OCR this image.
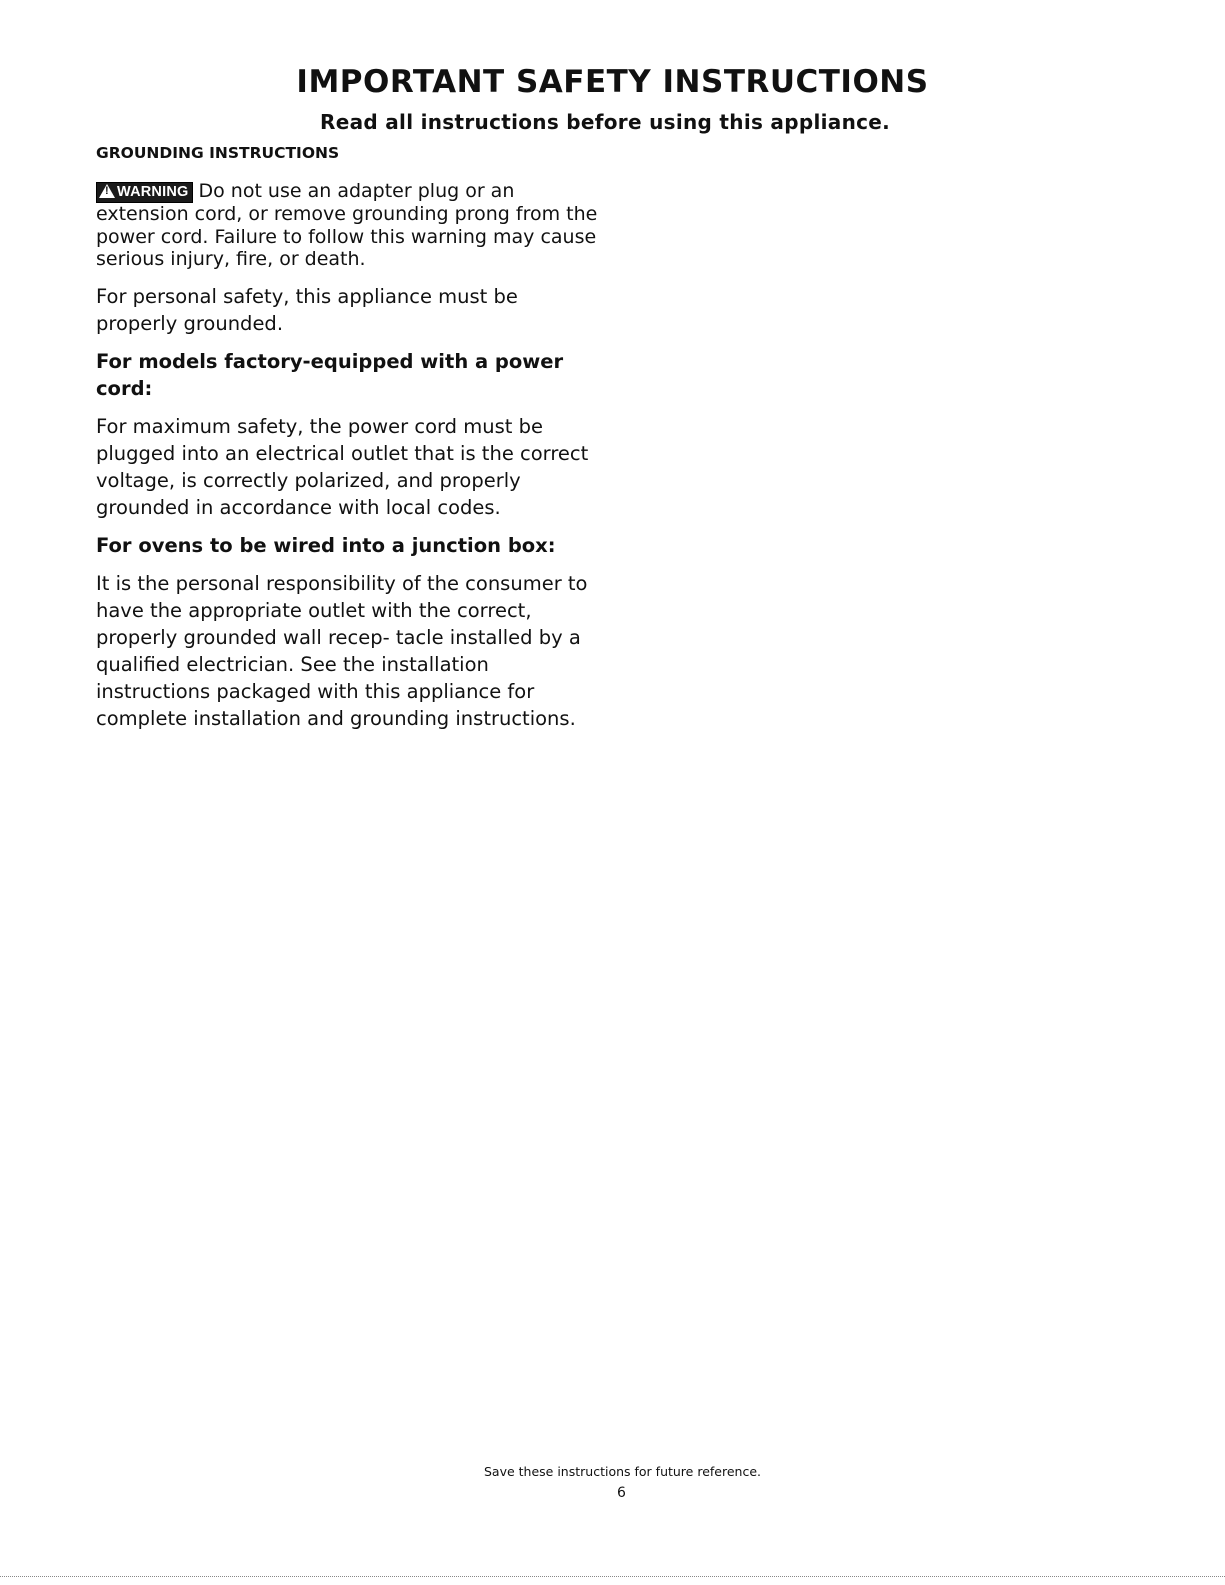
IMPORTANT SAFETY INSTRUCTIONS
Read all instructions before using this appliance.
GROUNDING INSTRUCTIONS

!WARNING Do not use an adapter plug or an extension cord, or remove grounding prong from the power cord. Failure to follow this warning may cause serious injury, fire, or death.

For personal safety, this appliance must be properly grounded.

For models factory-equipped with a power cord:

For maximum safety, the power cord must be plugged into an electrical outlet that is the correct voltage, is correctly polarized, and properly grounded in accordance with local codes.

For ovens to be wired into a junction box:

It is the personal responsibility of the consumer to have the appropriate outlet with the correct, properly grounded wall recep- tacle installed by a qualified electrician. See the installation instructions packaged with this appliance for complete installation and grounding instructions.

Save these instructions for future reference.

6
